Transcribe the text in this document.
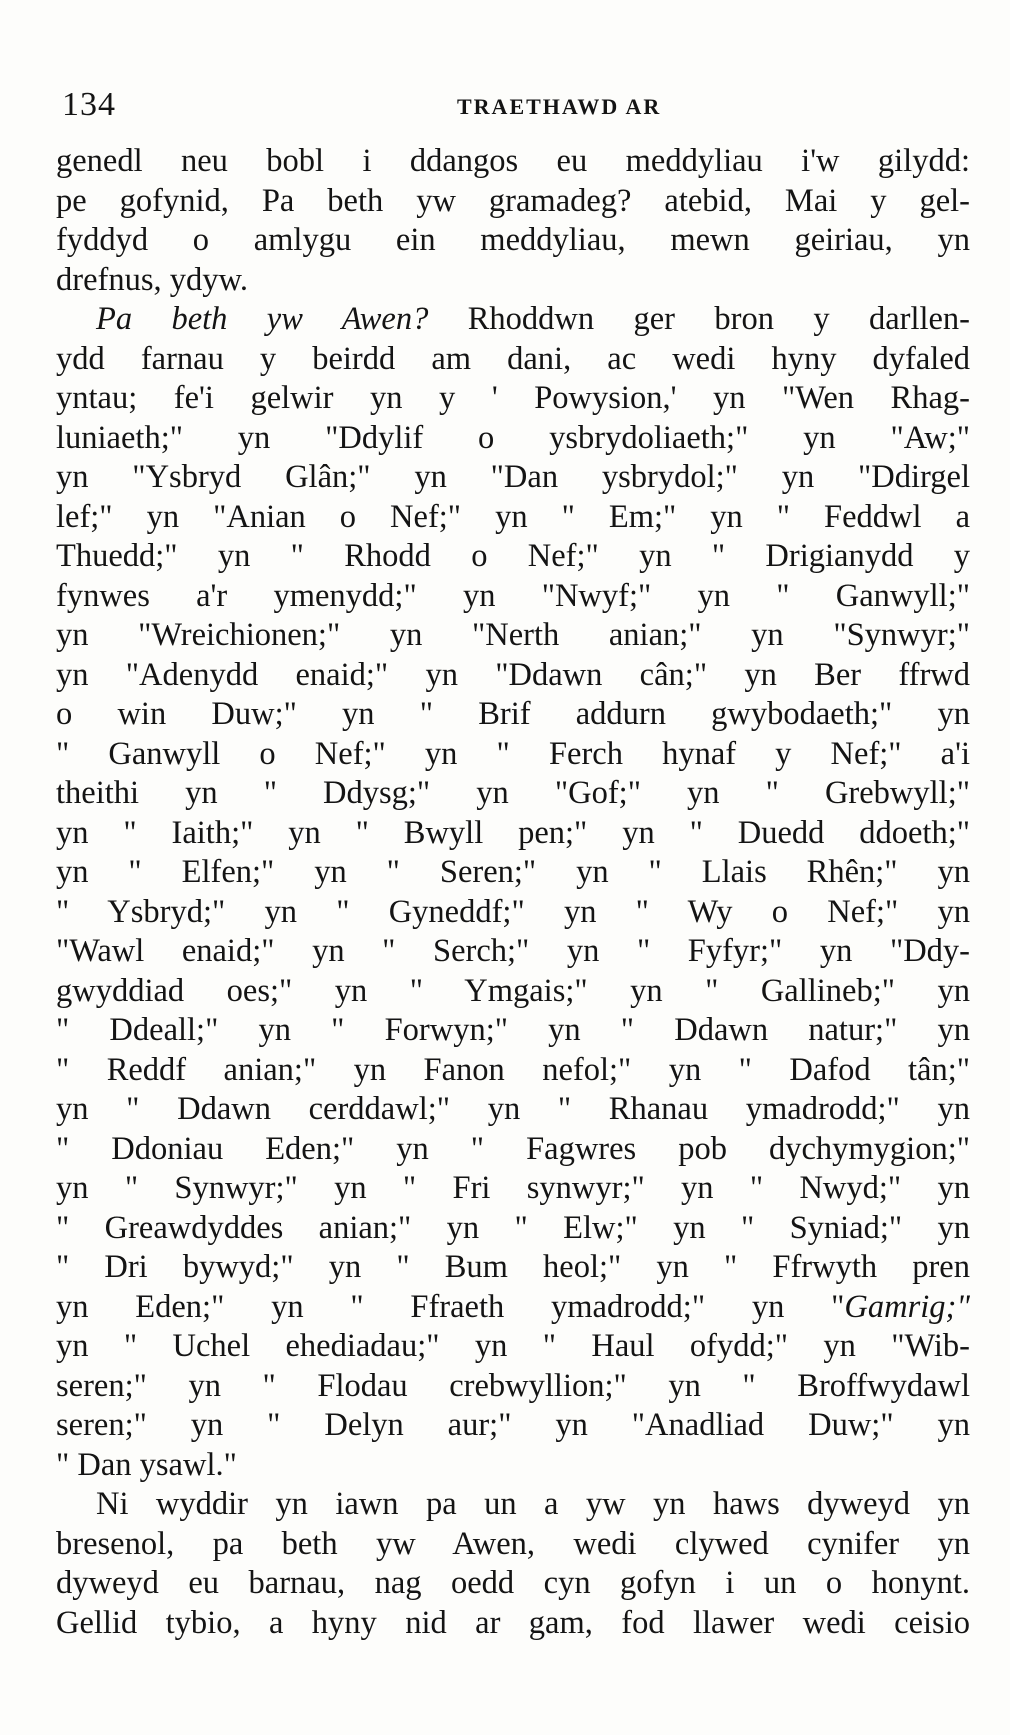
134	TRAETHAWD AR
genedl neu bobl i ddangos eu meddyliau i'w gilydd:
pe gofynid, Pa beth yw gramadeg? atebid, Mai y gel-
fyddyd o amlygu ein meddyliau, mewn geiriau, yn
drefnus, ydyw.
Pa beth yw Awen? Rhoddwn ger bron y darllen-
ydd farnau y beirdd am dani, ac wedi hyny dyfaled
yntau; fe'i gelwir yn y ' Powysion,' yn "Wen Rhag-
luniaeth;" yn "Ddylif o ysbrydoliaeth;" yn "Aw;"
yn "Ysbryd Glân;" yn "Dan ysbrydol;" yn "Ddirgel
lef;" yn "Anian o Nef;" yn " Em;" yn " Feddwl a
Thuedd;" yn " Rhodd o Nef;" yn " Drigianydd y
fynwes a'r ymenydd;" yn "Nwyf;" yn " Ganwyll;"
yn "Wreichionen;" yn "Nerth anian;" yn "Synwyr;"
yn "Adenydd enaid;" yn "Ddawn cân;" yn Ber ffrwd
o win Duw;" yn " Brif addurn gwybodaeth;" yn
" Ganwyll o Nef;" yn " Ferch hynaf y Nef;" a'i
theithi yn " Ddysg;" yn "Gof;" yn " Grebwyll;"
yn " Iaith;" yn " Bwyll pen;" yn " Duedd ddoeth;"
yn " Elfen;" yn " Seren;" yn " Llais Rhên;" yn
" Ysbryd;" yn " Gyneddf;" yn " Wy o Nef;" yn
"Wawl enaid;" yn " Serch;" yn " Fyfyr;" yn "Ddy-
gwyddiad oes;" yn " Ymgais;" yn " Gallineb;" yn
" Ddeall;" yn " Forwyn;" yn " Ddawn natur;" yn
" Reddf anian;" yn Fanon nefol;" yn " Dafod tân;"
yn " Ddawn cerddawl;" yn " Rhanau ymadrodd;" yn
" Ddoniau Eden;" yn " Fagwres pob dychymygion;"
yn " Synwyr;" yn " Fri synwyr;" yn " Nwyd;" yn
" Greawdyddes anian;" yn " Elw;" yn " Syniad;" yn
" Dri bywyd;" yn " Bum heol;" yn " Ffrwyth pren
yn Eden;" yn " Ffraeth ymadrodd;" yn "Gamrig;"
yn " Uchel ehediadau;" yn " Haul ofydd;" yn "Wib-
seren;" yn " Flodau crebwyllion;" yn " Broffwydawl
seren;" yn " Delyn aur;" yn "Anadliad Duw;" yn
" Dan ysawl."
Ni wyddir yn iawn pa un a yw yn haws dyweyd yn
bresenol, pa beth yw Awen, wedi clywed cynifer yn
dyweyd eu barnau, nag oedd cyn gofyn i un o honynt.
Gellid tybio, a hyny nid ar gam, fod llawer wedi ceisio
